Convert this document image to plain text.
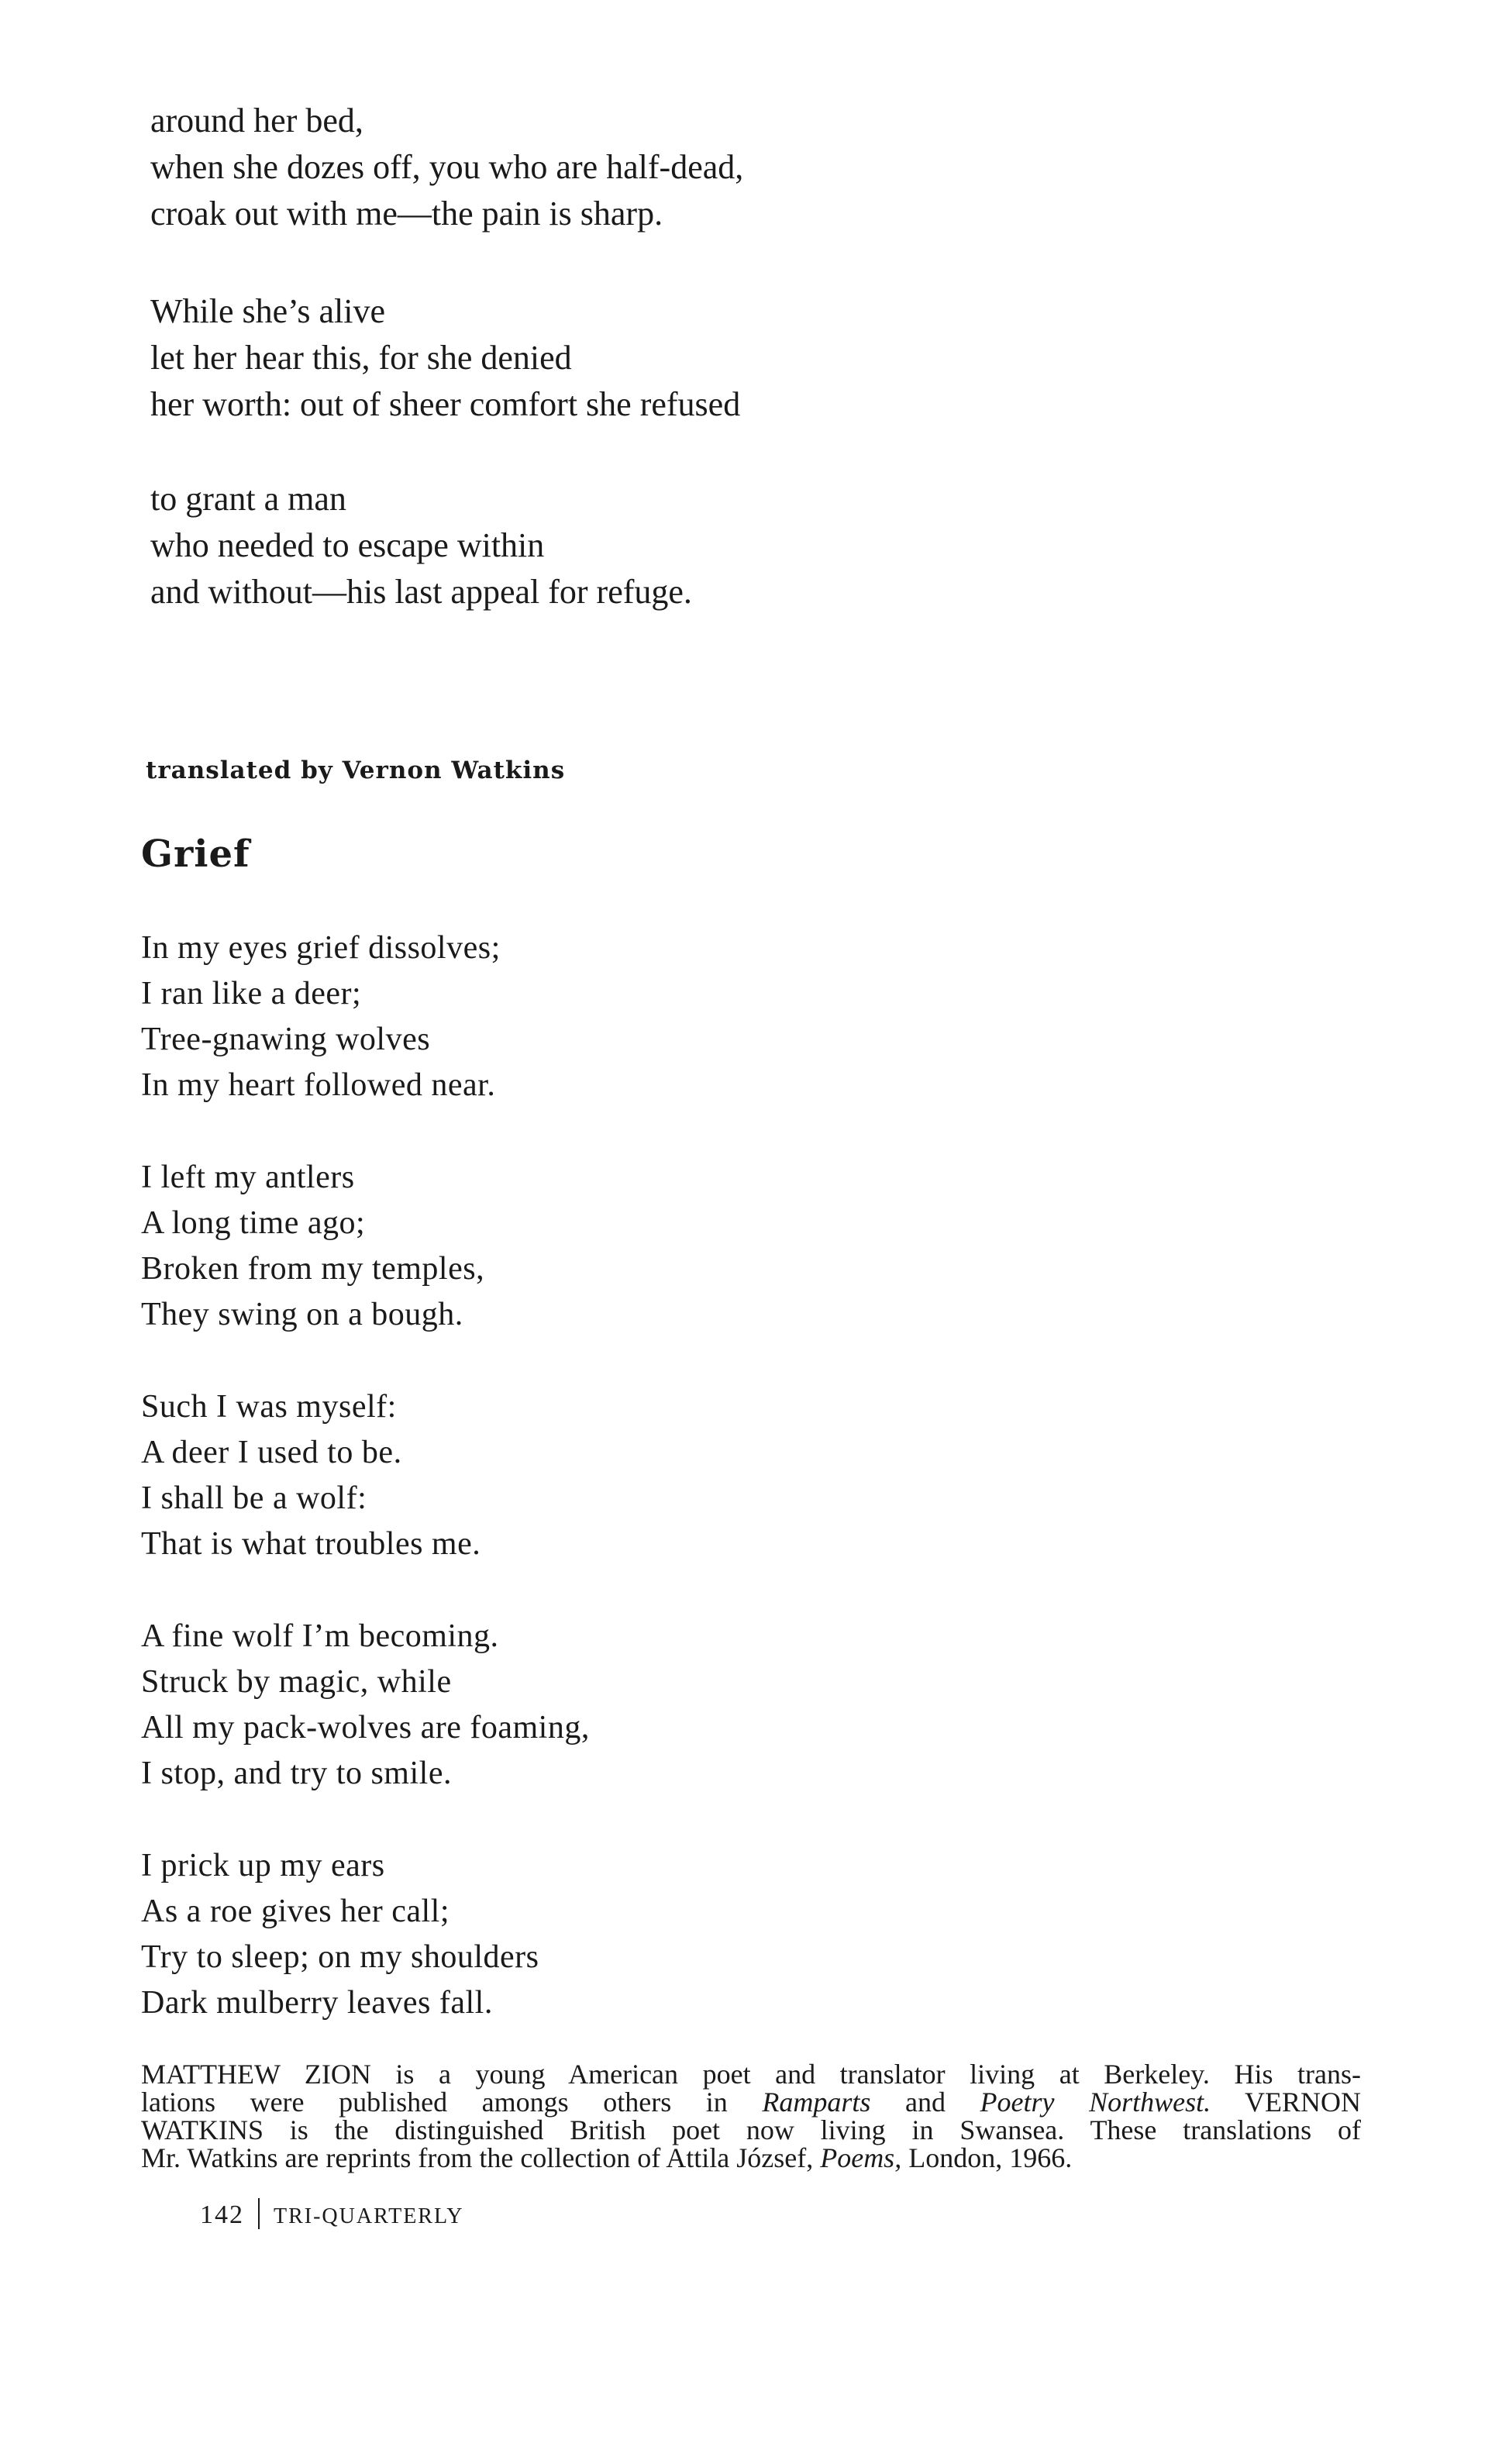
around her bed,
when she dozes off, you who are half-dead,
croak out with me—the pain is sharp.
While she’s alive
let her hear this, for she denied
her worth: out of sheer comfort she refused
to grant a man
who needed to escape within
and without—his last appeal for refuge.
translated by Vernon Watkins
Grief
In my eyes grief dissolves;
I ran like a deer;
Tree-gnawing wolves
In my heart followed near.
I left my antlers
A long time ago;
Broken from my temples,
They swing on a bough.
Such I was myself:
A deer I used to be.
I shall be a wolf:
That is what troubles me.
A fine wolf I’m becoming.
Struck by magic, while
All my pack-wolves are foaming,
I stop, and try to smile.
I prick up my ears
As a roe gives her call;
Try to sleep; on my shoulders
Dark mulberry leaves fall.
MATTHEW ZION is a young American poet and translator living at Berkeley. His trans-
lations were published amongs others in Ramparts and Poetry Northwest. VERNON
WATKINS is the distinguished British poet now living in Swansea. These translations of
Mr. Watkins are reprints from the collection of Attila József, Poems, London, 1966.
142 TRI-QUARTERLY
